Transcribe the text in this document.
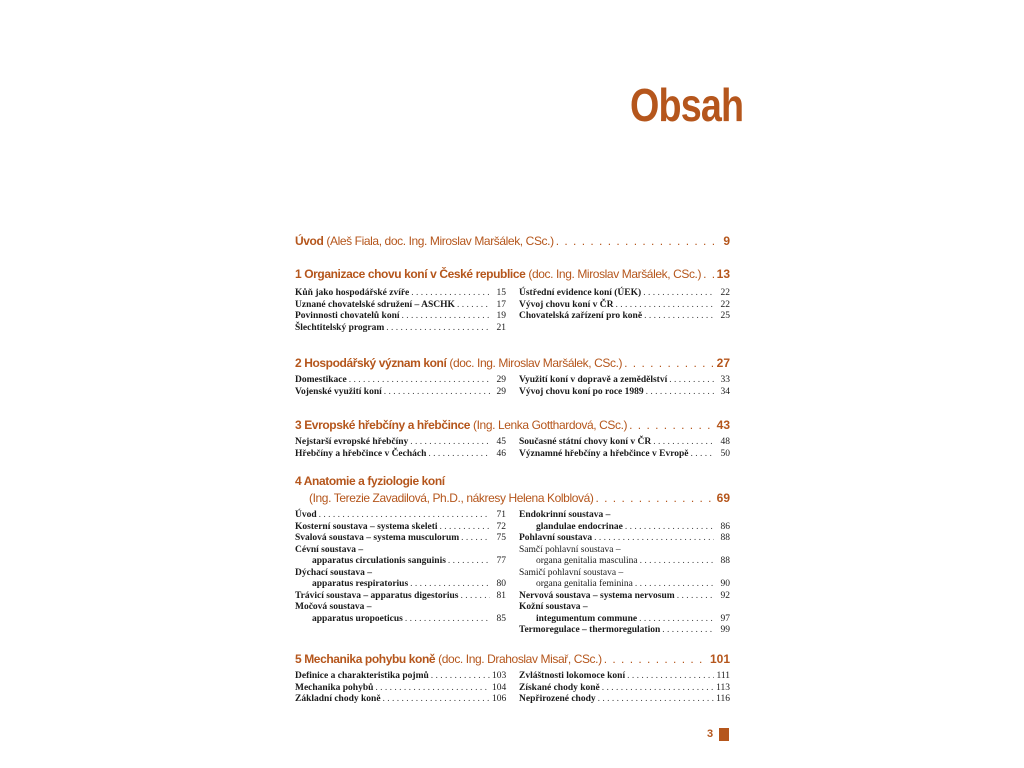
Obsah
Úvod (Aleš Fiala, doc. Ing. Miroslav Maršálek, CSc.) . . .	9
1 Organizace chovu koní v České republice (doc. Ing. Miroslav Maršálek, CSc.) . . . 13
Kůň jako hospodářské zvíře . . .	15
Uznané chovatelské sdružení – ASCHK . . .	17
Povinnosti chovatelů koní . . .	19
Šlechtitelský program . . .	21
Ústřední evidence koní (ÚEK) . . .	22
Vývoj chovu koní v ČR . . .	22
Chovatelská zařízení pro koně . . .	25
2 Hospodářský význam koní (doc. Ing. Miroslav Maršálek, CSc.) . . .	27
Domestikace . . .	29
Vojenské využití koní . . .	29
Využití koní v dopravě a zemědělství . . .	33
Vývoj chovu koní po roce 1989 . . .	34
3 Evropské hřebčíny a hřebčince (Ing. Lenka Gotthardová, CSc.) . . .	43
Nejstarší evropské hřebčíny . . .	45
Hřebčíny a hřebčince v Čechách . . .	46
Současné státní chovy koní v ČR . . .	48
Významné hřebčíny a hřebčince v Evropě . . .	50
4 Anatomie a fyziologie koní
(Ing. Terezie Zavadilová, Ph.D., nákresy Helena Kolblová) . . .	69
Úvod . . .	71
Kosterní soustava – systema skeleti . . .	72
Svalová soustava – systema musculorum . . .	75
Cévní soustava –
apparatus circulationis sanguinis . . .	77
Dýchací soustava –
apparatus respiratorius . . .	80
Trávicí soustava – apparatus digestorius . . .	81
Močová soustava –
apparatus uropoeticus . . .	85
Endokrinní soustava –
glandulae endocrinae . . .	86
Pohlavní soustava . . .	88
Samčí pohlavní soustava –
organa genitalia masculina . . .	88
Samičí pohlavní soustava –
organa genitalia feminina . . .	90
Nervová soustava – systema nervosum . . .	92
Kožní soustava –
integumentum commune . . .	97
Termoregulace – thermoregulation . . .	99
5 Mechanika pohybu koně (doc. Ing. Drahoslav Misař, CSc.) . . .	101
Definice a charakteristika pojmů . . .	103
Mechanika pohybů . . .	104
Základní chody koně . . .	106
Zvláštnosti lokomoce koní . . .	111
Získané chody koně . . .	113
Nepřirozené chody . . .	116
3
